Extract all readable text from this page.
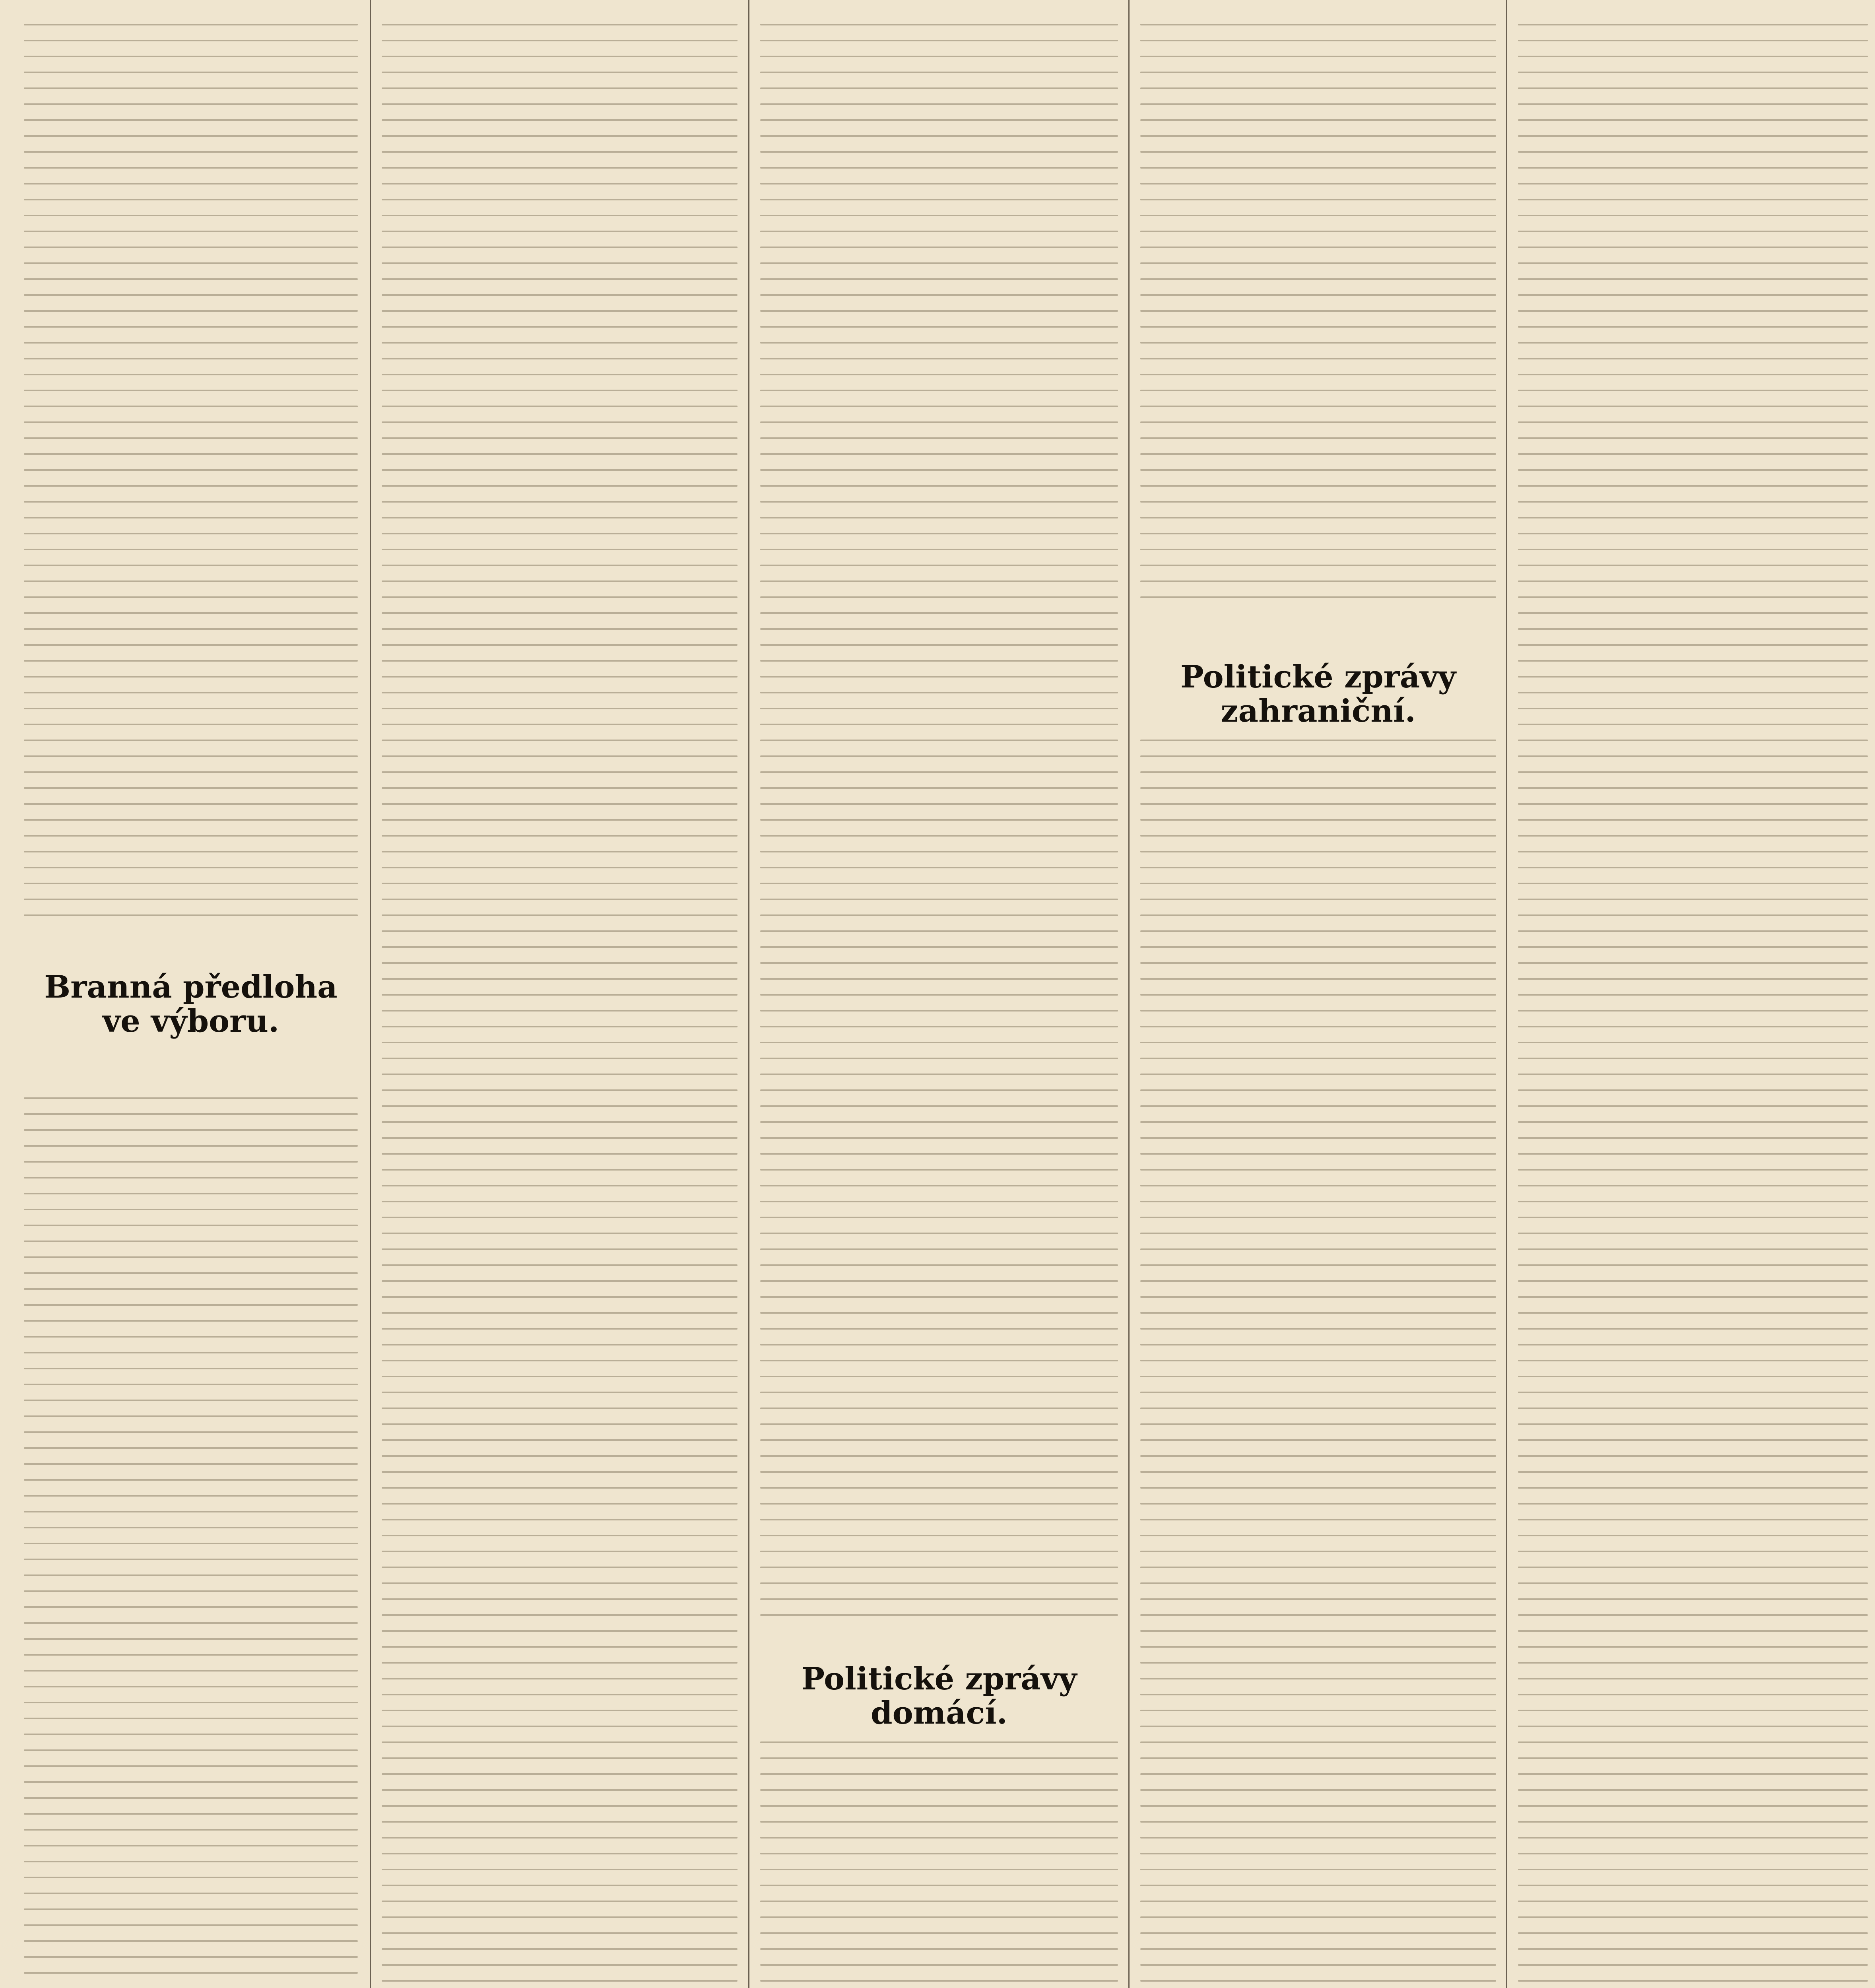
Branná předloha ve výboru.
Politické zprávy domácí.
Politické zprávy zahraniční.
